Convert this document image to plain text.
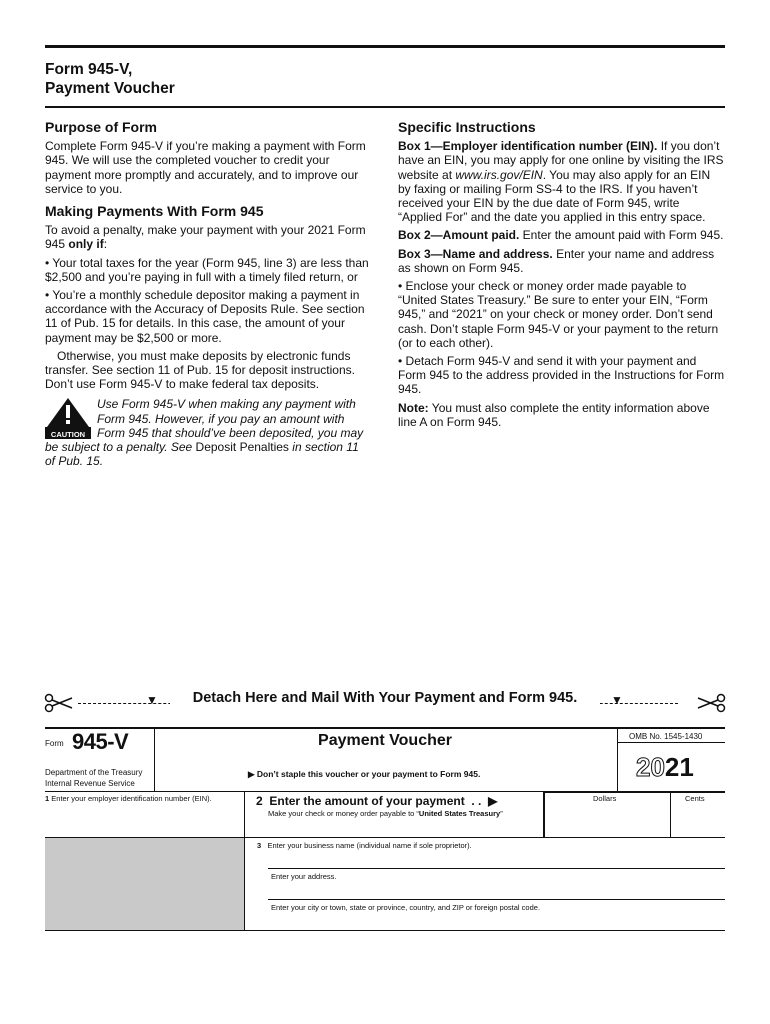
Form 945-V,
Payment Voucher
Purpose of Form

Complete Form 945-V if you’re making a payment with Form 945. We will use the completed voucher to credit your payment more promptly and accurately, and to improve our service to you.

Making Payments With Form 945

To avoid a penalty, make your payment with your 2021 Form 945 only if:

• Your total taxes for the year (Form 945, line 3) are less than $2,500 and you’re paying in full with a timely filed return, or

• You’re a monthly schedule depositor making a payment in accordance with the Accuracy of Deposits Rule. See section 11 of Pub. 15 for details. In this case, the amount of your payment may be $2,500 or more.

Otherwise, you must make deposits by electronic funds transfer. See section 11 of Pub. 15 for deposit instructions. Don’t use Form 945-V to make federal tax deposits.

CAUTION
Use Form 945-V when making any payment with Form 945. However, if you pay an amount with Form 945 that should’ve been deposited, you may be subject to a penalty. See Deposit Penalties in section 11 of Pub. 15.
Specific Instructions

Box 1—Employer identification number (EIN). If you don’t have an EIN, you may apply for one online by visiting the IRS website at www.irs.gov/EIN. You may also apply for an EIN by faxing or mailing Form SS-4 to the IRS. If you haven’t received your EIN by the due date of Form 945, write “Applied For” and the date you applied in this entry space.

Box 2—Amount paid. Enter the amount paid with Form 945.

Box 3—Name and address. Enter your name and address as shown on Form 945.

• Enclose your check or money order made payable to “United States Treasury.” Be sure to enter your EIN, “Form 945,” and “2021” on your check or money order. Don’t send cash. Don’t staple Form 945-V or your payment to the return (or to each other).

• Detach Form 945-V and send it with your payment and Form 945 to the address provided in the Instructions for Form 945.

Note: You must also complete the entity information above line A on Form 945.

▼	Detach Here and Mail With Your Payment and Form 945.	▼
Form 945-V
Department of the Treasury
Internal Revenue Service
Payment Voucher
▶ Don’t staple this voucher or your payment to Form 945.
OMB No. 1545-1430
2021
1 Enter your employer identification number (EIN).	2 Enter the amount of your payment . .  ▶
Make your check or money order payable to “United States Treasury”
Dollars	Cents
3 Enter your business name (individual name if sole proprietor).
Enter your address.
Enter your city or town, state or province, country, and ZIP or foreign postal code.
